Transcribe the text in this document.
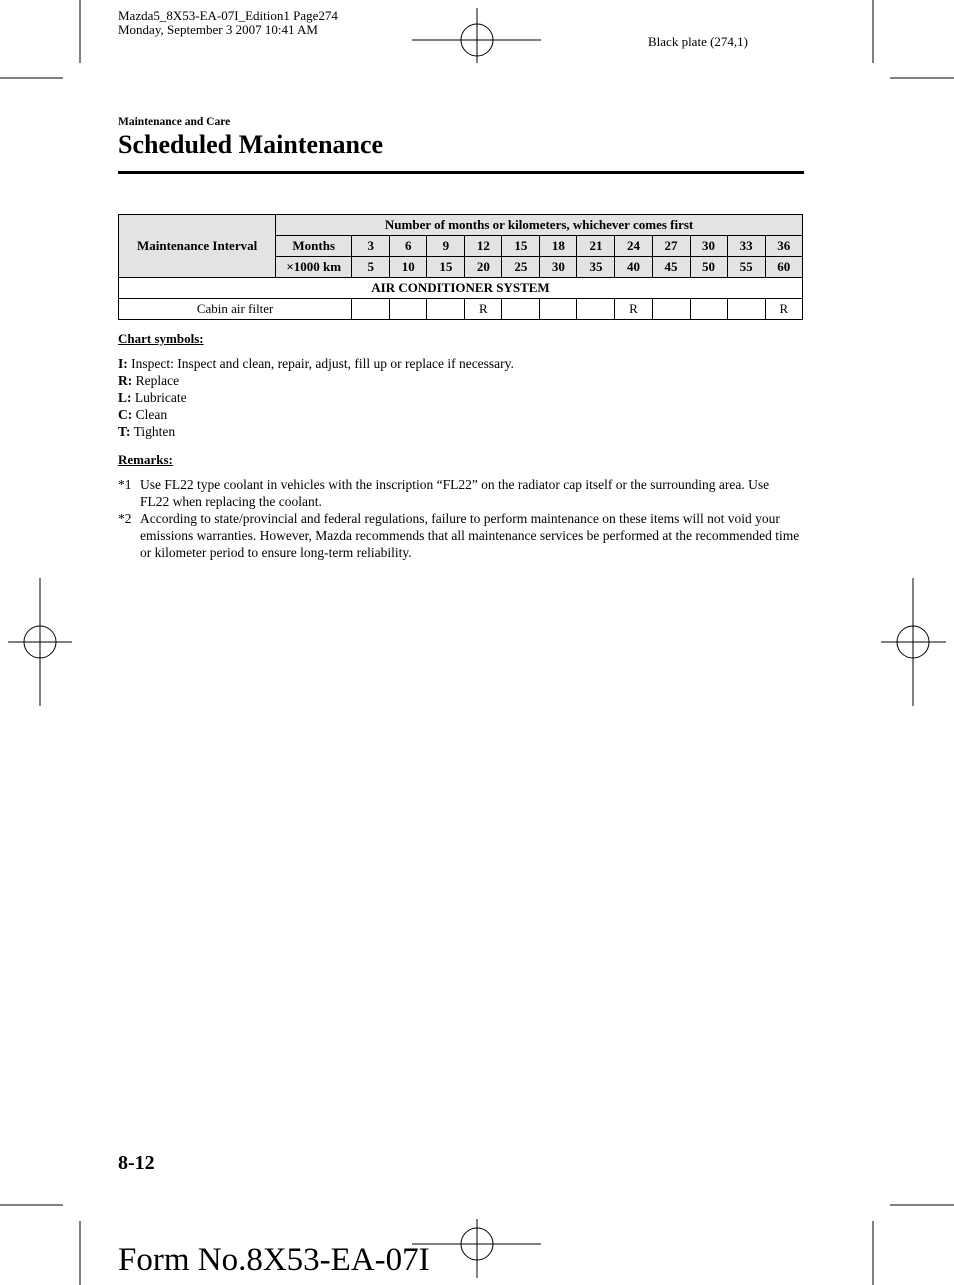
Mazda5_8X53-EA-07I_Edition1 Page274
Monday, September 3 2007 10:41 AM
Black plate (274,1)
Maintenance and Care
Scheduled Maintenance
Maintenance Interval	Number of months or kilometers, whichever comes first												
	Months	3	6	9	12	15	18	21	24	27	30	33	36
	×1000 km	5	10	15	20	25	30	35	40	45	50	55	60
AIR CONDITIONER SYSTEM													
Cabin air filter					R				R				R
Chart symbols:
I: Inspect: Inspect and clean, repair, adjust, fill up or replace if necessary.
R: Replace
L: Lubricate
C: Clean
T: Tighten
Remarks:
*1 Use FL22 type coolant in vehicles with the inscription “FL22” on the radiator cap itself or the surrounding area. Use FL22 when replacing the coolant.
*2 According to state/provincial and federal regulations, failure to perform maintenance on these items will not void your emissions warranties. However, Mazda recommends that all maintenance services be performed at the recommended time or kilometer period to ensure long-term reliability.
8-12
Form No.8X53-EA-07I
